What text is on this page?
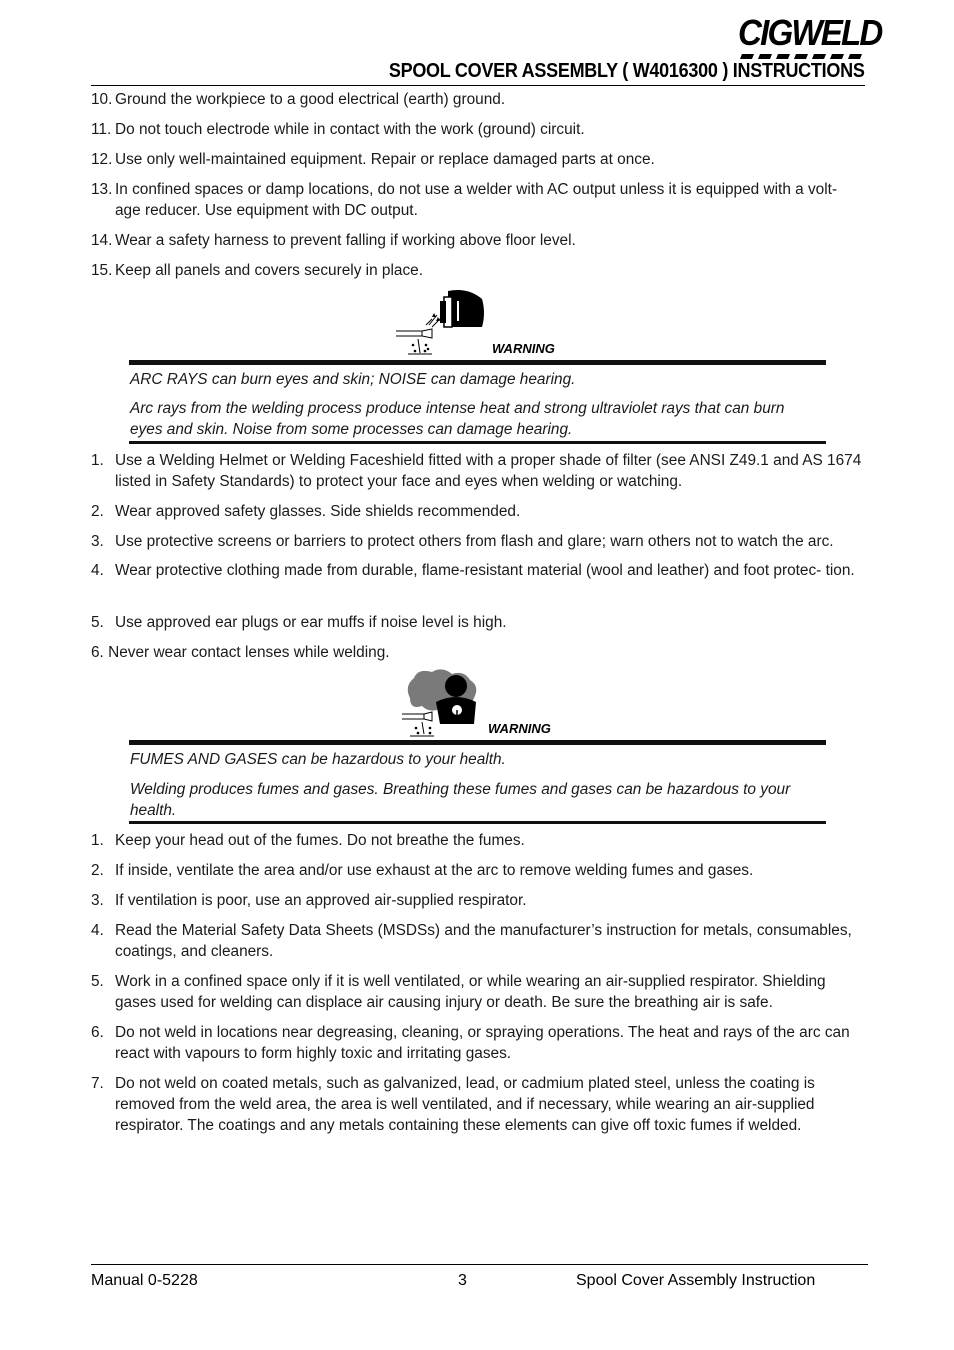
CIGWELD
SPOOL COVER ASSEMBLY ( W4016300 ) INSTRUCTIONS
10. Ground the workpiece to a good electrical (earth) ground.
11. Do not touch electrode while in contact with the work (ground) circuit.
12. Use only well-maintained equipment. Repair or replace damaged parts at once.
13. In confined spaces or damp locations, do not use a welder with AC output unless it is equipped with a volt- age reducer. Use equipment with DC output.
14. Wear a safety harness to prevent falling if working above floor level.
15. Keep all panels and covers securely in place.
WARNING
ARC RAYS can burn eyes and skin; NOISE can damage hearing.
Arc rays from the welding process produce intense heat and strong ultraviolet rays that can burn eyes and skin. Noise from some processes can damage hearing.
1. Use a Welding Helmet or Welding Faceshield fitted with a proper shade of filter (see ANSI Z49.1 and AS 1674 listed in Safety Standards) to protect your face and eyes when welding or watching.
2. Wear approved safety glasses. Side shields recommended.
3. Use protective screens or barriers to protect others from flash and glare; warn others not to watch the arc.
4. Wear protective clothing made from durable, flame-resistant material (wool and leather) and foot protec- tion.
5. Use approved ear plugs or ear muffs if noise level is high.
6. Never wear contact lenses while welding.
WARNING
FUMES AND GASES can be hazardous to your health.
Welding produces fumes and gases. Breathing these fumes and gases can be hazardous to your health.
1. Keep your head out of the fumes. Do not breathe the fumes.
2. If inside, ventilate the area and/or use exhaust at the arc to remove welding fumes and gases.
3. If ventilation is poor, use an approved air-supplied respirator.
4. Read the Material Safety Data Sheets (MSDSs) and the manufacturer’s instruction for metals, consumables, coatings, and cleaners.
5. Work in a confined space only if it is well ventilated, or while wearing an air-supplied respirator. Shielding gases used for welding can displace air causing injury or death. Be sure the breathing air is safe.
6. Do not weld in locations near degreasing, cleaning, or spraying operations. The heat and rays of the arc can react with vapours to form highly toxic and irritating gases.
7. Do not weld on coated metals, such as galvanized, lead, or cadmium plated steel, unless the coating is removed from the weld area, the area is well ventilated, and if necessary, while wearing an air-supplied respirator. The coatings and any metals containing these elements can give off toxic fumes if welded.
Manual 0-5228	3	Spool Cover Assembly Instruction
